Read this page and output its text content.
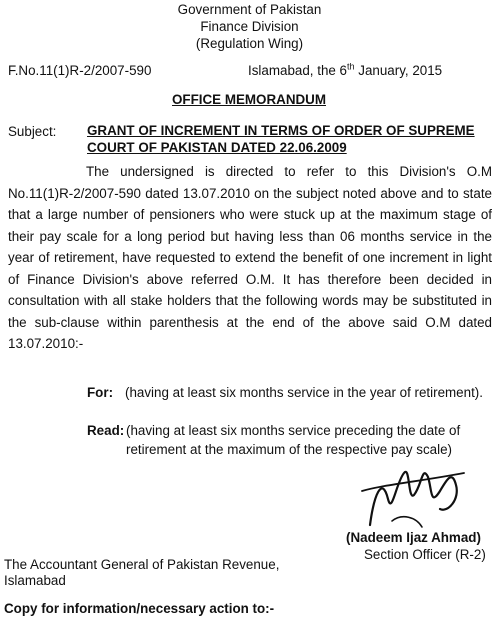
Government of Pakistan
Finance Division
(Regulation Wing)
F.No.11(1)R-2/2007-590	Islamabad, the 6th January, 2015
OFFICE MEMORANDUM
Subject: GRANT OF INCREMENT IN TERMS OF ORDER OF SUPREME
COURT OF PAKISTAN DATED 22.06.2009
The undersigned is directed to refer to this Division's O.M No.11(1)R-2/2007-590 dated 13.07.2010 on the subject noted above and to state that a large number of pensioners who were stuck up at the maximum stage of their pay scale for a long period but having less than 06 months service in the year of retirement, have requested to extend the benefit of one increment in light of Finance Division's above referred O.M. It has therefore been decided in consultation with all stake holders that the following words may be substituted in the sub-clause within parenthesis at the end of the above said O.M dated 13.07.2010:-
For: (having at least six months service in the year of retirement).
Read: (having at least six months service preceding the date of
retirement at the maximum of the respective pay scale)
(Nadeem Ijaz Ahmad)
Section Officer (R-2)
The Accountant General of Pakistan Revenue,
Islamabad
Copy for information/necessary action to:-
